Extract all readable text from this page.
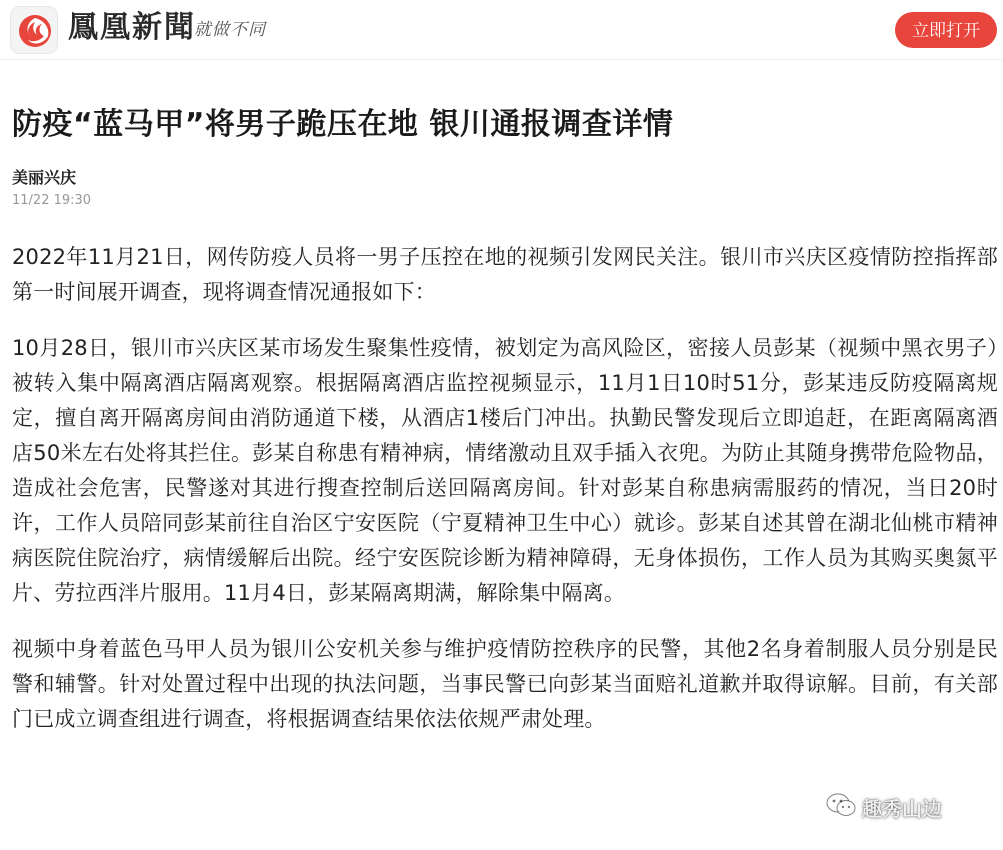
鳳凰新聞
就做不同	立即打开
防疫“蓝马甲”将男子跪压在地 银川通报调查详情
美丽兴庆
11/22 19:30

2022年11月21日，网传防疫人员将一男子压控在地的视频引发网民关注。银川市兴庆区疫情防控指挥部第一时间展开调查，现将调查情况通报如下：

10月28日，银川市兴庆区某市场发生聚集性疫情，被划定为高风险区，密接人员彭某（视频中黑衣男子）被转入集中隔离酒店隔离观察。根据隔离酒店监控视频显示，11月1日10时51分，彭某违反防疫隔离规定，擅自离开隔离房间由消防通道下楼，从酒店1楼后门冲出。执勤民警发现后立即追赶，在距离隔离酒店50米左右处将其拦住。彭某自称患有精神病，情绪激动且双手插入衣兜。为防止其随身携带危险物品，造成社会危害，民警遂对其进行搜查控制后送回隔离房间。针对彭某自称患病需服药的情况，当日20时许，工作人员陪同彭某前往自治区宁安医院（宁夏精神卫生中心）就诊。彭某自述其曾在湖北仙桃市精神病医院住院治疗，病情缓解后出院。经宁安医院诊断为精神障碍，无身体损伤，工作人员为其购买奥氮平片、劳拉西泮片服用。11月4日，彭某隔离期满，解除集中隔离。

视频中身着蓝色马甲人员为银川公安机关参与维护疫情防控秩序的民警，其他2名身着制服人员分别是民警和辅警。针对处置过程中出现的执法问题，当事民警已向彭某当面赔礼道歉并取得谅解。目前，有关部门已成立调查组进行调查，将根据调查结果依法依规严肃处理。

趣秀山边
